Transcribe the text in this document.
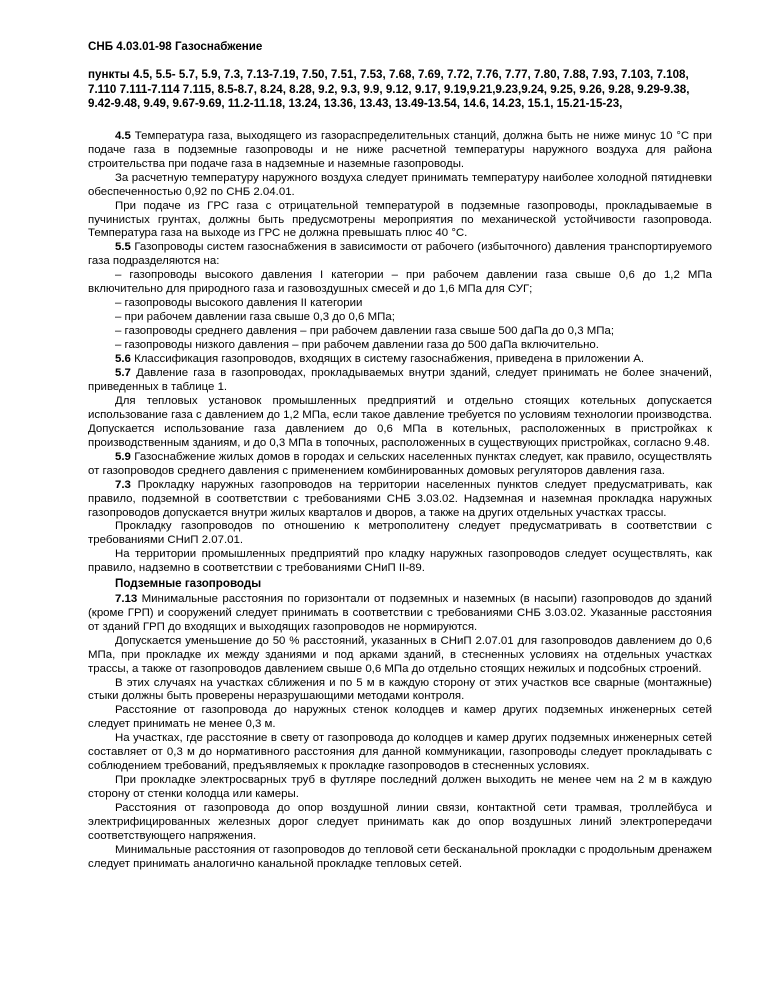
СНБ 4.03.01-98 Газоснабжение
пункты 4.5, 5.5- 5.7, 5.9, 7.3, 7.13-7.19, 7.50, 7.51, 7.53, 7.68, 7.69, 7.72, 7.76, 7.77, 7.80, 7.88, 7.93, 7.103, 7.108, 7.110 7.111-7.114 7.115, 8.5-8.7, 8.24, 8.28, 9.2, 9.3, 9.9, 9.12, 9.17, 9.19,9.21,9.23,9.24, 9.25, 9.26, 9.28, 9.29-9.38, 9.42-9.48, 9.49, 9.67-9.69, 11.2-11.18, 13.24, 13.36, 13.43, 13.49-13.54, 14.6, 14.23, 15.1, 15.21-15-23,

4.5 Температура газа, выходящего из газораспределительных станций, должна быть не ниже минус 10 °С при подаче газа в подземные газопроводы и не ниже расчетной температуры наружного воздуха для района строительства при подаче газа в надземные и наземные газопроводы.

За расчетную температуру наружного воздуха следует принимать температуру наиболее холодной пятидневки обеспеченностью 0,92 по СНБ 2.04.01.

При подаче из ГРС газа с отрицательной температурой в подземные газопроводы, прокладываемые в пучинистых грунтах, должны быть предусмотрены мероприятия по механической устойчивости газопровода. Температура газа на выходе из ГРС не должна превышать плюс 40 °С.

5.5 Газопроводы систем газоснабжения в зависимости от рабочего (избыточного) давления транспортируемого газа подразделяются на:

– газопроводы высокого давления I категории – при рабочем давлении газа свыше 0,6 до 1,2 МПа включительно для природного газа и газовоздушных смесей и до 1,6 МПа для СУГ;

– газопроводы высокого давления II категории

– при рабочем давлении газа свыше 0,3 до 0,6 МПа;

– газопроводы среднего давления – при рабочем давлении газа свыше 500 даПа до 0,3 МПа;

– газопроводы низкого давления – при рабочем давлении газа до 500 даПа включительно.

5.6 Классификация газопроводов, входящих в систему газоснабжения, приведена в приложении А.

5.7 Давление газа в газопроводах, прокладываемых внутри зданий, следует принимать не более значений, приведенных в таблице 1.

Для тепловых установок промышленных предприятий и отдельно стоящих котельных допускается использование газа с давлением до 1,2 МПа, если такое давление требуется по условиям технологии производства. Допускается использование газа давлением до 0,6 МПа в котельных, расположенных в пристройках к производственным зданиям, и до 0,3 МПа в топочных, расположенных в существующих пристройках, согласно 9.48.

5.9 Газоснабжение жилых домов в городах и сельских населенных пунктах следует, как правило, осуществлять от газопроводов среднего давления с применением комбинированных домовых регуляторов давления газа.

7.3 Прокладку наружных газопроводов на территории населенных пунктов следует предусматривать, как правило, подземной в соответствии с требованиями СНБ 3.03.02. Надземная и наземная прокладка наружных газопроводов допускается внутри жилых кварталов и дворов, а также на других отдельных участках трассы.

Прокладку газопроводов по отношению к метрополитену следует предусматривать в соответствии с требованиями СНиП 2.07.01.

На территории промышленных предприятий про кладку наружных газопроводов следует осуществлять, как правило, надземно в соответствии с требованиями СНиП II-89.

Подземные газопроводы

7.13 Минимальные расстояния по горизонтали от подземных и наземных (в насыпи) газопроводов до зданий (кроме ГРП) и сооружений следует принимать в соответствии с требованиями СНБ 3.03.02. Указанные расстояния от зданий ГРП до входящих и выходящих газопроводов не нормируются.

Допускается уменьшение до 50 % расстояний, указанных в СНиП 2.07.01 для газопроводов давлением до 0,6 МПа, при прокладке их между зданиями и под арками зданий, в стесненных условиях на отдельных участках трассы, а также от газопроводов давлением свыше 0,6 МПа до отдельно стоящих нежилых и подсобных строений.

В этих случаях на участках сближения и по 5 м в каждую сторону от этих участков все сварные (монтажные) стыки должны быть проверены неразрушающими методами контроля.

Расстояние от газопровода до наружных стенок колодцев и камер других подземных инженерных сетей следует принимать не менее 0,3 м.

На участках, где расстояние в свету от газопровода до колодцев и камер других подземных инженерных сетей составляет от 0,3 м до нормативного расстояния для данной коммуникации, газопроводы следует прокладывать с соблюдением требований, предъявляемых к прокладке газопроводов в стесненных условиях.

При прокладке электросварных труб в футляре последний должен выходить не менее чем на 2 м в каждую сторону от стенки колодца или камеры.

Расстояния от газопровода до опор воздушной линии связи, контактной сети трамвая, троллейбуса и электрифицированных железных дорог следует принимать как до опор воздушных линий электропередачи соответствующего напряжения.

Минимальные расстояния от газопроводов до тепловой сети бесканальной прокладки с продольным дренажем следует принимать аналогично канальной прокладке тепловых сетей.
